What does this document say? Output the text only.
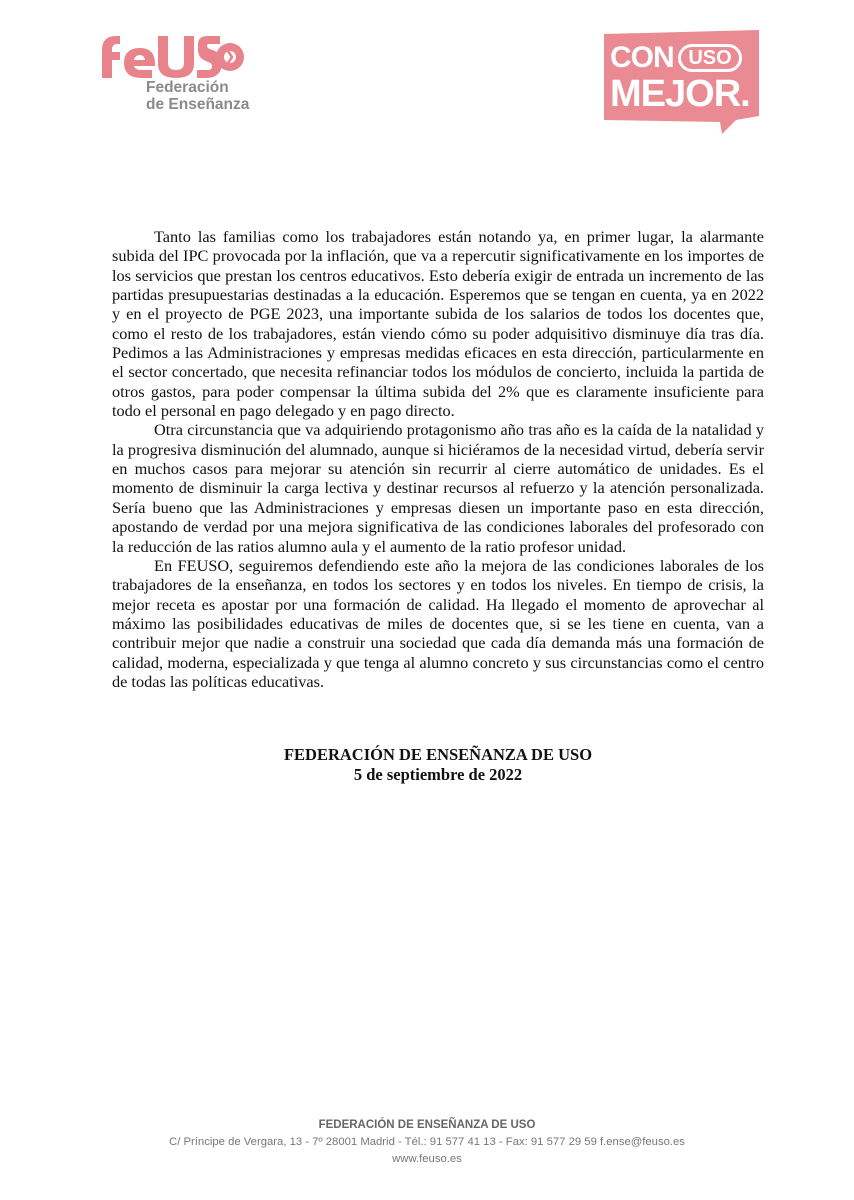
Federación
de Enseñanza
CON USO
MEJOR.

Tanto las familias como los trabajadores están notando ya, en primer lugar, la alarmante subida del IPC provocada por la inflación, que va a repercutir significativamente en los importes de los servicios que prestan los centros educativos. Esto debería exigir de entrada un incremento de las partidas presupuestarias destinadas a la educación. Esperemos que se tengan en cuenta, ya en 2022 y en el proyecto de PGE 2023, una importante subida de los salarios de todos los docentes que, como el resto de los trabajadores, están viendo cómo su poder adquisitivo disminuye día tras día. Pedimos a las Administraciones y empresas medidas eficaces en esta dirección, particularmente en el sector concertado, que necesita refinanciar todos los módulos de concierto, incluida la partida de otros gastos, para poder compensar la última subida del 2% que es claramente insuficiente para todo el personal en pago delegado y en pago directo.

Otra circunstancia que va adquiriendo protagonismo año tras año es la caída de la natalidad y la progresiva disminución del alumnado, aunque si hiciéramos de la necesidad virtud, debería servir en muchos casos para mejorar su atención sin recurrir al cierre automático de unidades. Es el momento de disminuir la carga lectiva y destinar recursos al refuerzo y la atención personalizada. Sería bueno que las Administraciones y empresas diesen un importante paso en esta dirección, apostando de verdad por una mejora significativa de las condiciones laborales del profesorado con la reducción de las ratios alumno aula y el aumento de la ratio profesor unidad.

En FEUSO, seguiremos defendiendo este año la mejora de las condiciones laborales de los trabajadores de la enseñanza, en todos los sectores y en todos los niveles. En tiempo de crisis, la mejor receta es apostar por una formación de calidad. Ha llegado el momento de aprovechar al máximo las posibilidades educativas de miles de docentes que, si se les tiene en cuenta, van a contribuir mejor que nadie a construir una sociedad que cada día demanda más una formación de calidad, moderna, especializada y que tenga al alumno concreto y sus circunstancias como el centro de todas las políticas educativas.

FEDERACIÓN DE ENSEÑANZA DE USO
5 de septiembre de 2022
FEDERACIÓN DE ENSEÑANZA DE USO
C/ Príncipe de Vergara, 13 - 7º 28001 Madrid - Tél.: 91 577 41 13 - Fax: 91 577 29 59 f.ense@feuso.es
www.feuso.es
